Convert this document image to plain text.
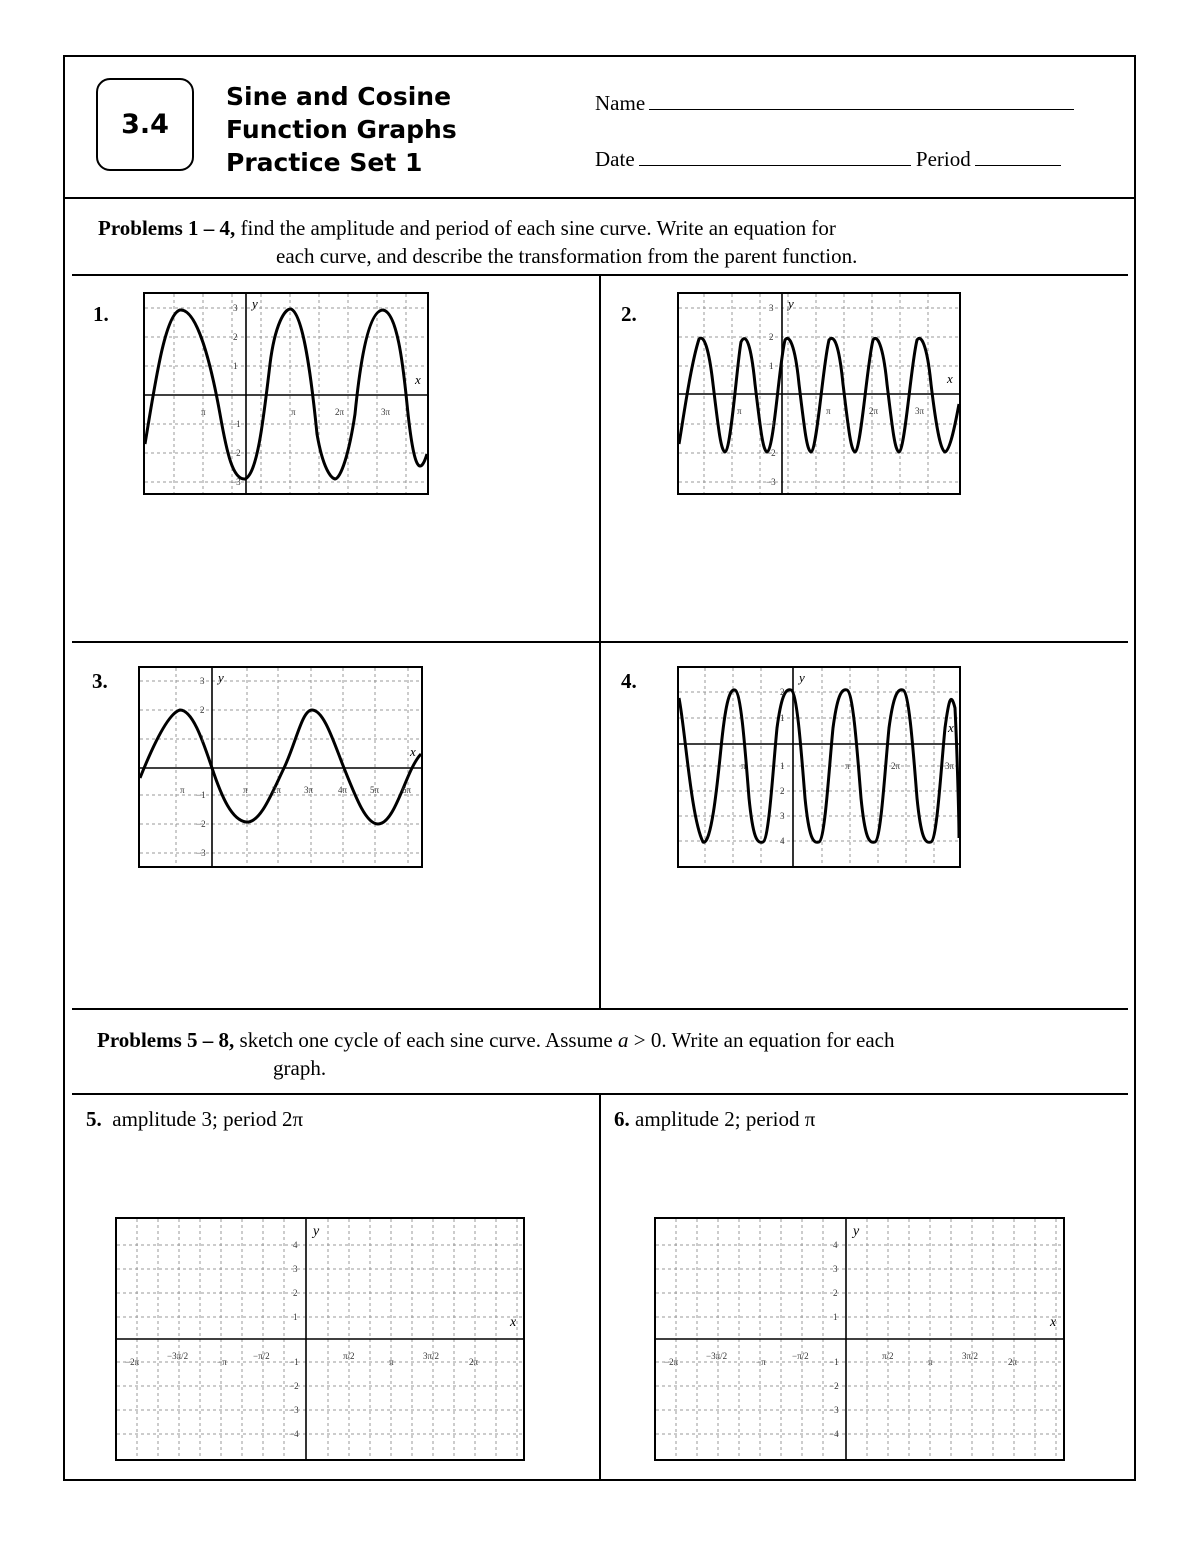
3.4
Sine and Cosine
Function Graphs
Practice Set 1
Name
Date	Period
Problems 1 – 4, find the amplitude and period of each sine curve. Write an equation for
each curve, and describe the transformation from the parent function.
Problems 5 – 8, sketch one cycle of each sine curve. Assume a > 0. Write an equation for each
graph.
1.	2.
3.	4.
5. amplitude 3; period 2π	6. amplitude 2; period π
x
y
3
2
1
−1
−2
−3
π	π	2π	3π
x
y
3
2
1
−1
−2
−3
π	π	2π	3π
x
y
3
2
1
−1
−2
−3
π	π	2π	3π	4π	5π	6π
x
y
2
1
1
2
3
4
π	π	2π	3π
x
y
4
3
2
1
−1
−2
−3
−4
−2π
−3π/2
−π
−π/2	π/2
π
3π/2
2π
x
y
4
3
2
1
−1
−2
−3
−4
−2π
−3π/2
−π
−π/2	π/2
π
3π/2
2π
